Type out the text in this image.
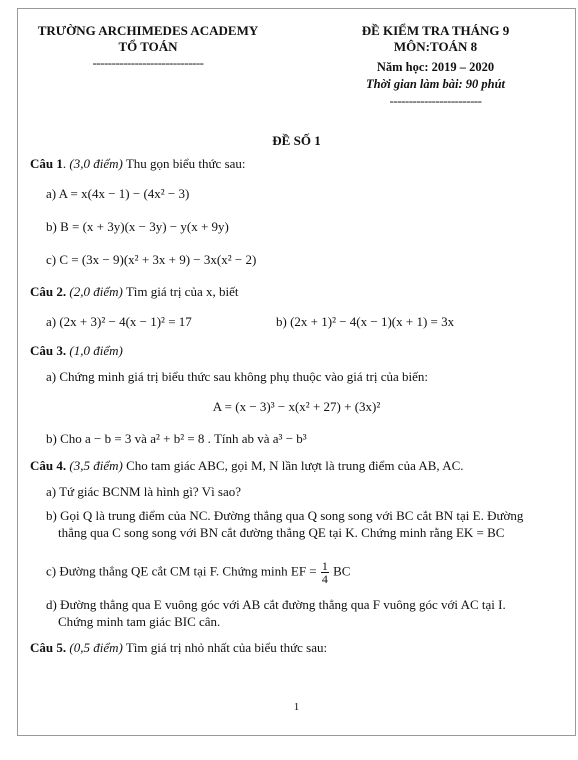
TRƯỜNG ARCHIMEDES ACADEMY
TỔ TOÁN
-----------------------------
ĐỀ KIỂM TRA THÁNG 9
MÔN:TOÁN 8
Năm học: 2019 – 2020
Thời gian làm bài: 90 phút
------------------------
ĐỀ SỐ 1
Câu 1. (3,0 điểm) Thu gọn biểu thức sau:
a) A = x(4x − 1) − (4x² − 3)
b) B = (x + 3y)(x − 3y) − y(x + 9y)
c) C = (3x − 9)(x² + 3x + 9) − 3x(x² − 2)
Câu 2. (2,0 điểm) Tìm giá trị của x, biết
a) (2x + 3)² − 4(x − 1)² = 17	b) (2x + 1)² − 4(x − 1)(x + 1) = 3x
Câu 3. (1,0 điểm)
a) Chứng minh giá trị biểu thức sau không phụ thuộc vào giá trị của biến:
A = (x − 3)³ − x(x² + 27) + (3x)²
b) Cho a − b = 3 và a² + b² = 8 . Tính ab và a³ − b³
Câu 4. (3,5 điểm) Cho tam giác ABC, gọi M, N lần lượt là trung điểm của AB, AC.
a) Tứ giác BCNM là hình gì? Vì sao?
b) Gọi Q là trung điểm của NC. Đường thẳng qua Q song song với BC cắt BN tại E. Đường
thẳng qua C song song với BN cắt đường thẳng QE tại K. Chứng minh rằng EK = BC
c) Đường thẳng QE cắt CM tại F. Chứng minh EF = $\frac{1}{4}$ BC
d) Đường thẳng qua E vuông góc với AB cắt đường thẳng qua F vuông góc với AC tại I.
Chứng minh tam giác BIC cân.
Câu 5. (0,5 điểm) Tìm giá trị nhỏ nhất của biểu thức sau:
1
